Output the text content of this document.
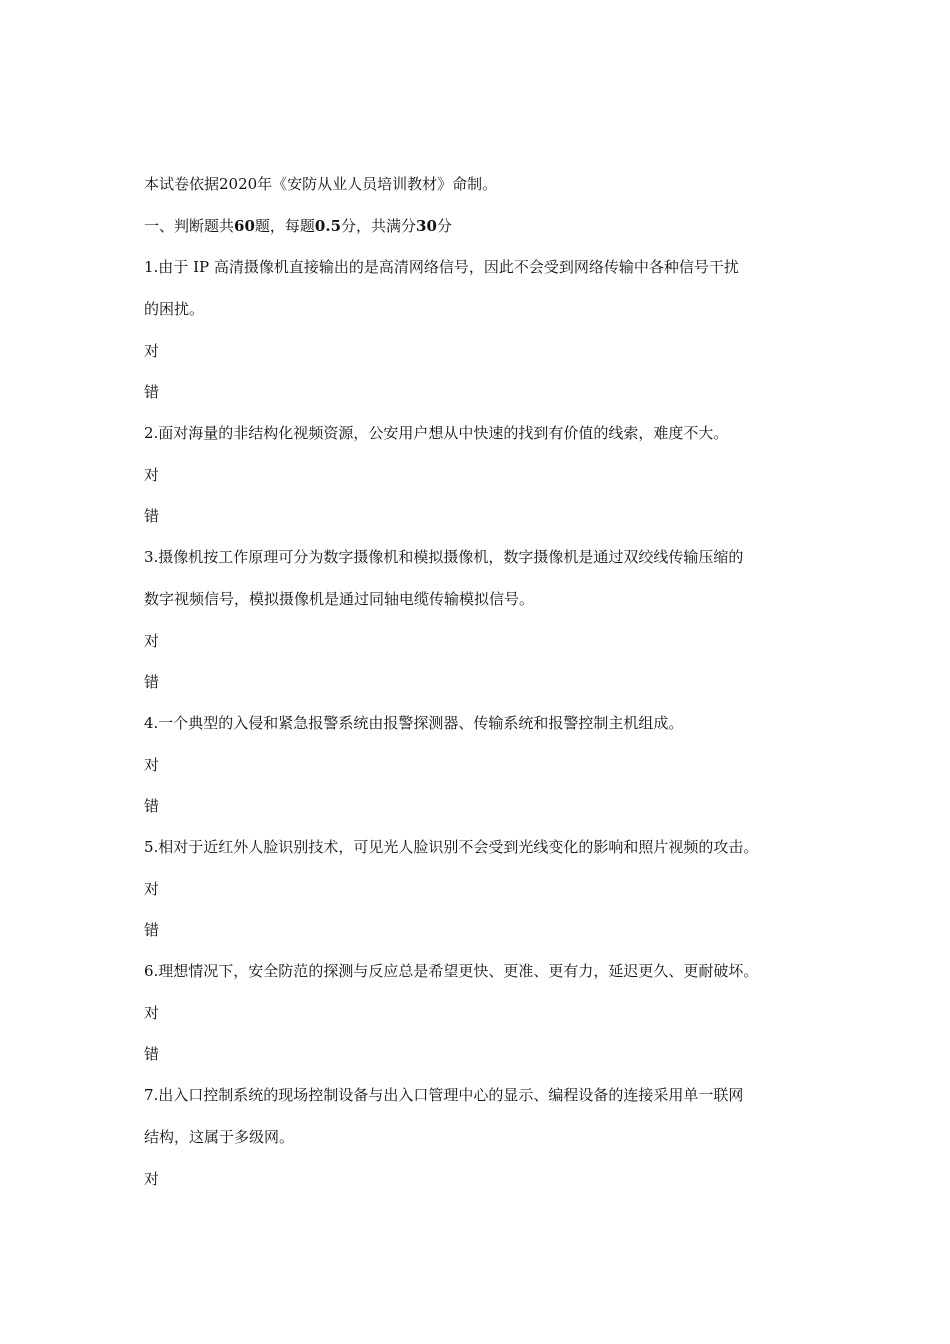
本试卷依据2020年《安防从业人员培训教材》命制。

一、判断题共60题，每题0.5分，共满分30分

1.由于 IP 高清摄像机直接输出的是高清网络信号，因此不会受到网络传输中各种信号干扰

的困扰。

对

错

2.面对海量的非结构化视频资源，公安用户想从中快速的找到有价值的线索，难度不大。

对

错

3.摄像机按工作原理可分为数字摄像机和模拟摄像机，数字摄像机是通过双绞线传输压缩的

数字视频信号，模拟摄像机是通过同轴电缆传输模拟信号。

对

错

4.一个典型的入侵和紧急报警系统由报警探测器、传输系统和报警控制主机组成。

对

错

5.相对于近红外人脸识别技术，可见光人脸识别不会受到光线变化的影响和照片视频的攻击。

对

错

6.理想情况下，安全防范的探测与反应总是希望更快、更准、更有力，延迟更久、更耐破坏。

对

错

7.出入口控制系统的现场控制设备与出入口管理中心的显示、编程设备的连接采用单一联网

结构，这属于多级网。

对
